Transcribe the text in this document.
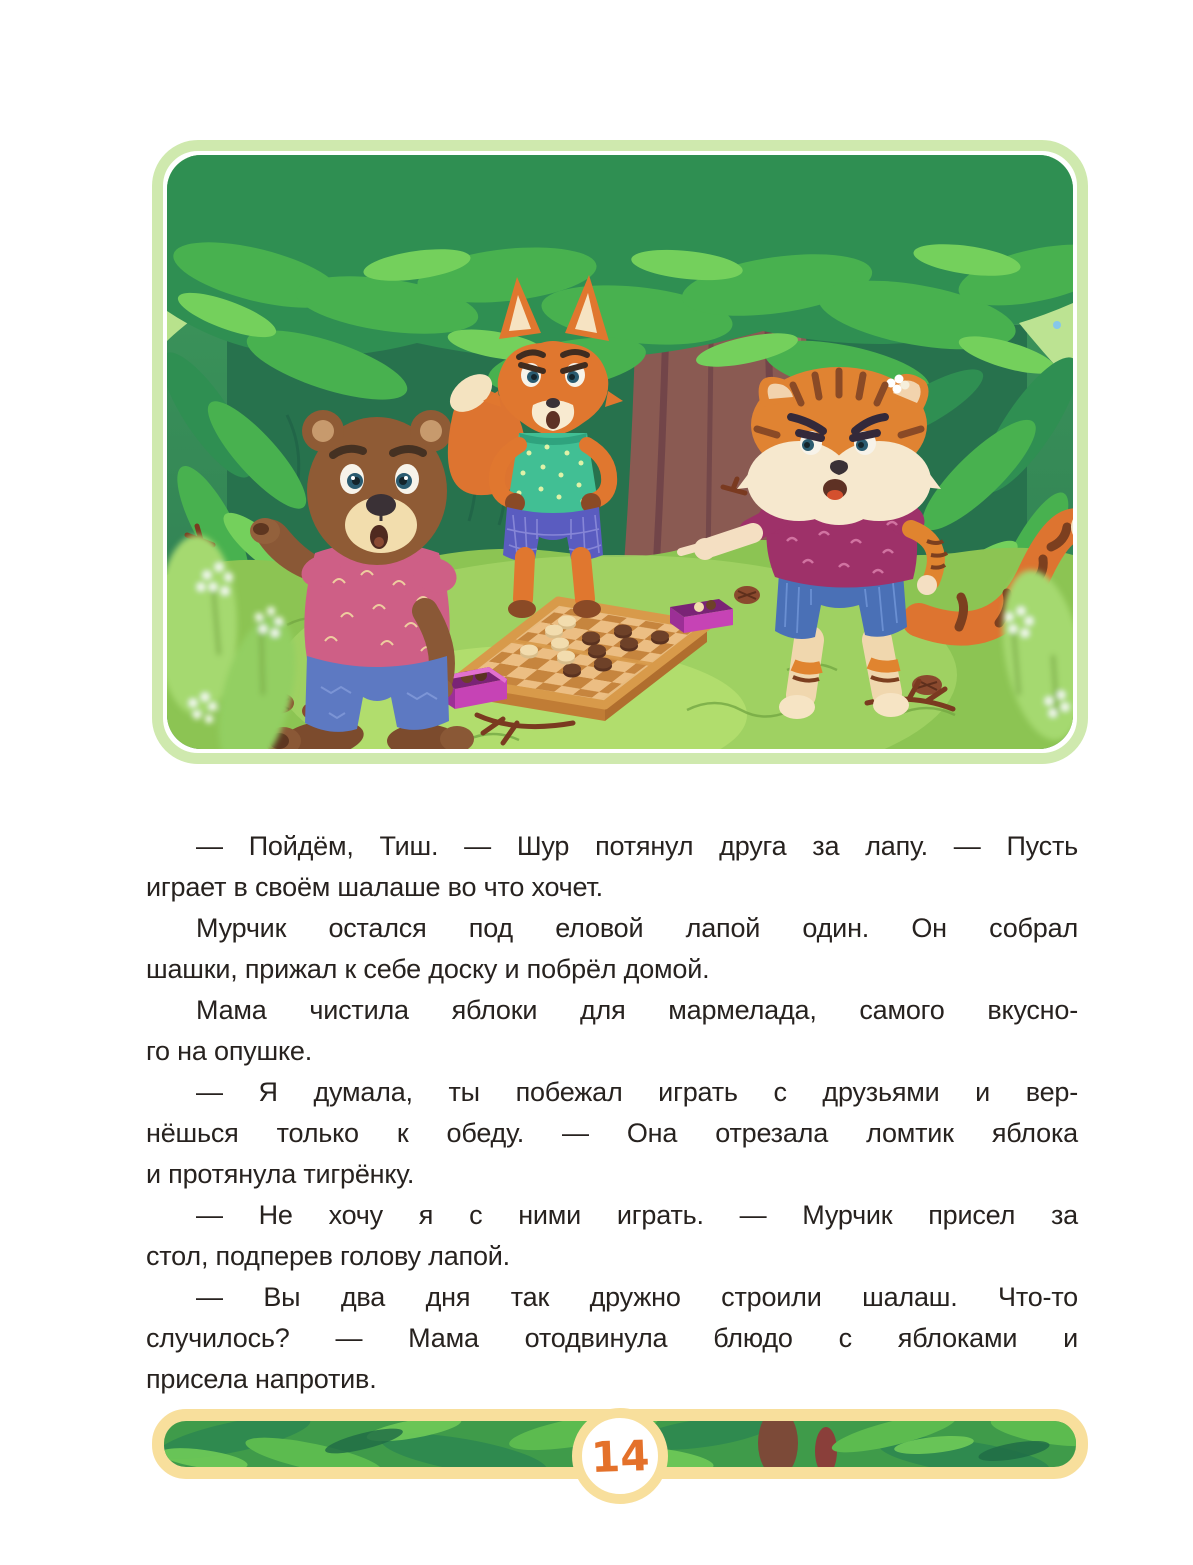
— Пойдём, Тиш. — Шур потянул друга за лапу. — Пусть
играет в своём шалаше во что хочет.
Мурчик остался под еловой лапой один. Он собрал
шашки, прижал к себе доску и побрёл домой.
Мама чистила яблоки для мармелада, самого вкусно-
го на опушке.
— Я думала, ты побежал играть с друзьями и вер-
нёшься только к обеду. — Она отрезала ломтик яблока
и протянула тигрёнку.
— Не хочу я с ними играть. — Мурчик присел за
стол, подперев голову лапой.
— Вы два дня так дружно строили шалаш. Что-то
случилось? — Мама отодвинула блюдо с яблоками и
присела напротив.
14
